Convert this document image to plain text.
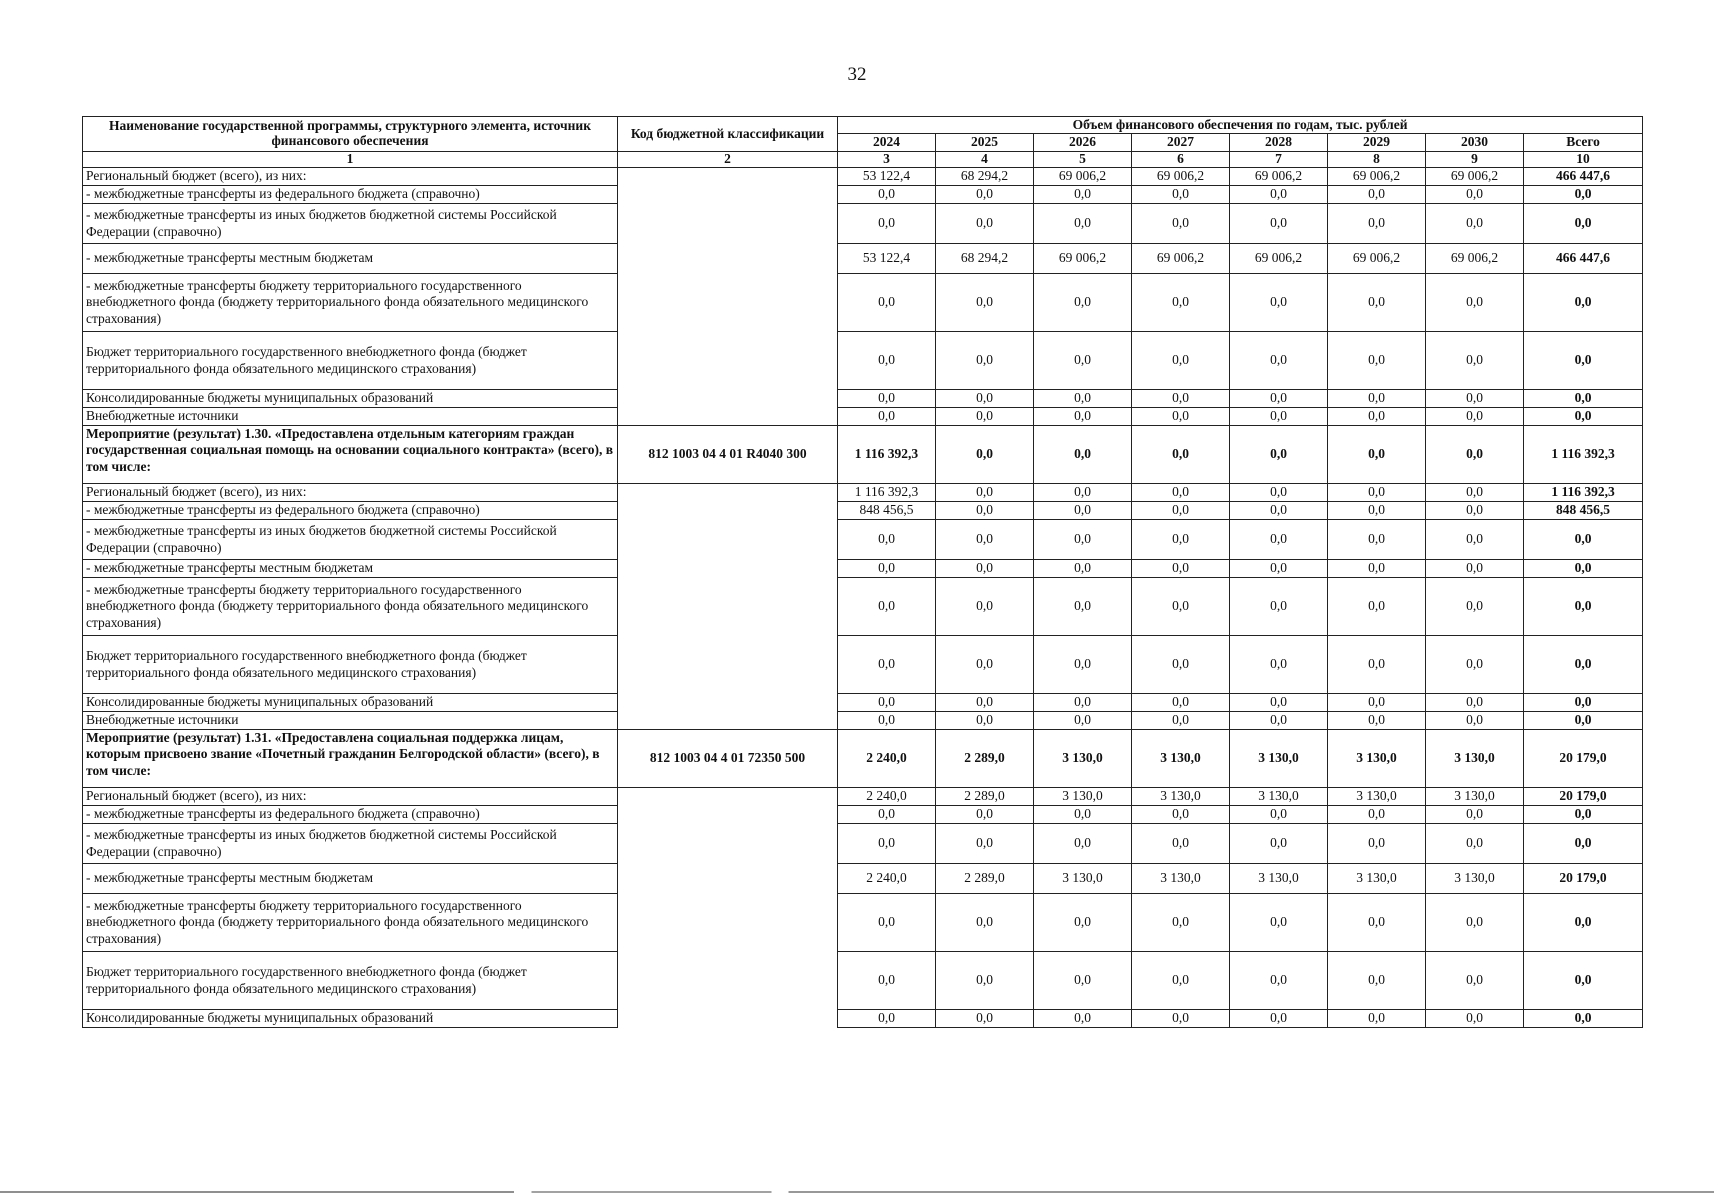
32
Наименование государственной программы, структурного элемента, источник финансового обеспечения	Код бюджетной классификации	Объем финансового обеспечения по годам, тыс. рублей							
		2024	2025	2026	2027	2028	2029	2030	Всего
1	2	3	4	5	6	7	8	9	10
Региональный бюджет (всего), из них:		53 122,4	68 294,2	69 006,2	69 006,2	69 006,2	69 006,2	69 006,2	466 447,6
- межбюджетные трансферты из федерального бюджета (справочно)		0,0	0,0	0,0	0,0	0,0	0,0	0,0	0,0
- межбюджетные трансферты из иных бюджетов бюджетной системы Российской Федерации (справочно)		0,0	0,0	0,0	0,0	0,0	0,0	0,0	0,0
- межбюджетные трансферты местным бюджетам		53 122,4	68 294,2	69 006,2	69 006,2	69 006,2	69 006,2	69 006,2	466 447,6
- межбюджетные трансферты бюджету территориального государственного внебюджетного фонда (бюджету территориального фонда обязательного медицинского страхования)		0,0	0,0	0,0	0,0	0,0	0,0	0,0	0,0
Бюджет территориального государственного внебюджетного фонда (бюджет территориального фонда обязательного медицинского страхования)		0,0	0,0	0,0	0,0	0,0	0,0	0,0	0,0
Консолидированные бюджеты муниципальных образований		0,0	0,0	0,0	0,0	0,0	0,0	0,0	0,0
Внебюджетные источники		0,0	0,0	0,0	0,0	0,0	0,0	0,0	0,0
Мероприятие (результат) 1.30. «Предоставлена отдельным категориям граждан государственная социальная помощь на основании социального контракта» (всего), в том числе:	812 1003 04 4 01 R4040 300	1 116 392,3	0,0	0,0	0,0	0,0	0,0	0,0	1 116 392,3
Региональный бюджет (всего), из них:		1 116 392,3	0,0	0,0	0,0	0,0	0,0	0,0	1 116 392,3
- межбюджетные трансферты из федерального бюджета (справочно)		848 456,5	0,0	0,0	0,0	0,0	0,0	0,0	848 456,5
- межбюджетные трансферты из иных бюджетов бюджетной системы Российской Федерации (справочно)		0,0	0,0	0,0	0,0	0,0	0,0	0,0	0,0
- межбюджетные трансферты местным бюджетам		0,0	0,0	0,0	0,0	0,0	0,0	0,0	0,0
- межбюджетные трансферты бюджету территориального государственного внебюджетного фонда (бюджету территориального фонда обязательного медицинского страхования)		0,0	0,0	0,0	0,0	0,0	0,0	0,0	0,0
Бюджет территориального государственного внебюджетного фонда (бюджет территориального фонда обязательного медицинского страхования)		0,0	0,0	0,0	0,0	0,0	0,0	0,0	0,0
Консолидированные бюджеты муниципальных образований		0,0	0,0	0,0	0,0	0,0	0,0	0,0	0,0
Внебюджетные источники		0,0	0,0	0,0	0,0	0,0	0,0	0,0	0,0
Мероприятие (результат) 1.31. «Предоставлена социальная поддержка лицам, которым присвоено звание «Почетный гражданин Белгородской области» (всего), в том числе:	812 1003 04 4 01 72350 500	2 240,0	2 289,0	3 130,0	3 130,0	3 130,0	3 130,0	3 130,0	20 179,0
Региональный бюджет (всего), из них:		2 240,0	2 289,0	3 130,0	3 130,0	3 130,0	3 130,0	3 130,0	20 179,0
- межбюджетные трансферты из федерального бюджета (справочно)		0,0	0,0	0,0	0,0	0,0	0,0	0,0	0,0
- межбюджетные трансферты из иных бюджетов бюджетной системы Российской Федерации (справочно)		0,0	0,0	0,0	0,0	0,0	0,0	0,0	0,0
- межбюджетные трансферты местным бюджетам		2 240,0	2 289,0	3 130,0	3 130,0	3 130,0	3 130,0	3 130,0	20 179,0
- межбюджетные трансферты бюджету территориального государственного внебюджетного фонда (бюджету территориального фонда обязательного медицинского страхования)		0,0	0,0	0,0	0,0	0,0	0,0	0,0	0,0
Бюджет территориального государственного внебюджетного фонда (бюджет территориального фонда обязательного медицинского страхования)		0,0	0,0	0,0	0,0	0,0	0,0	0,0	0,0
Консолидированные бюджеты муниципальных образований		0,0	0,0	0,0	0,0	0,0	0,0	0,0	0,0
